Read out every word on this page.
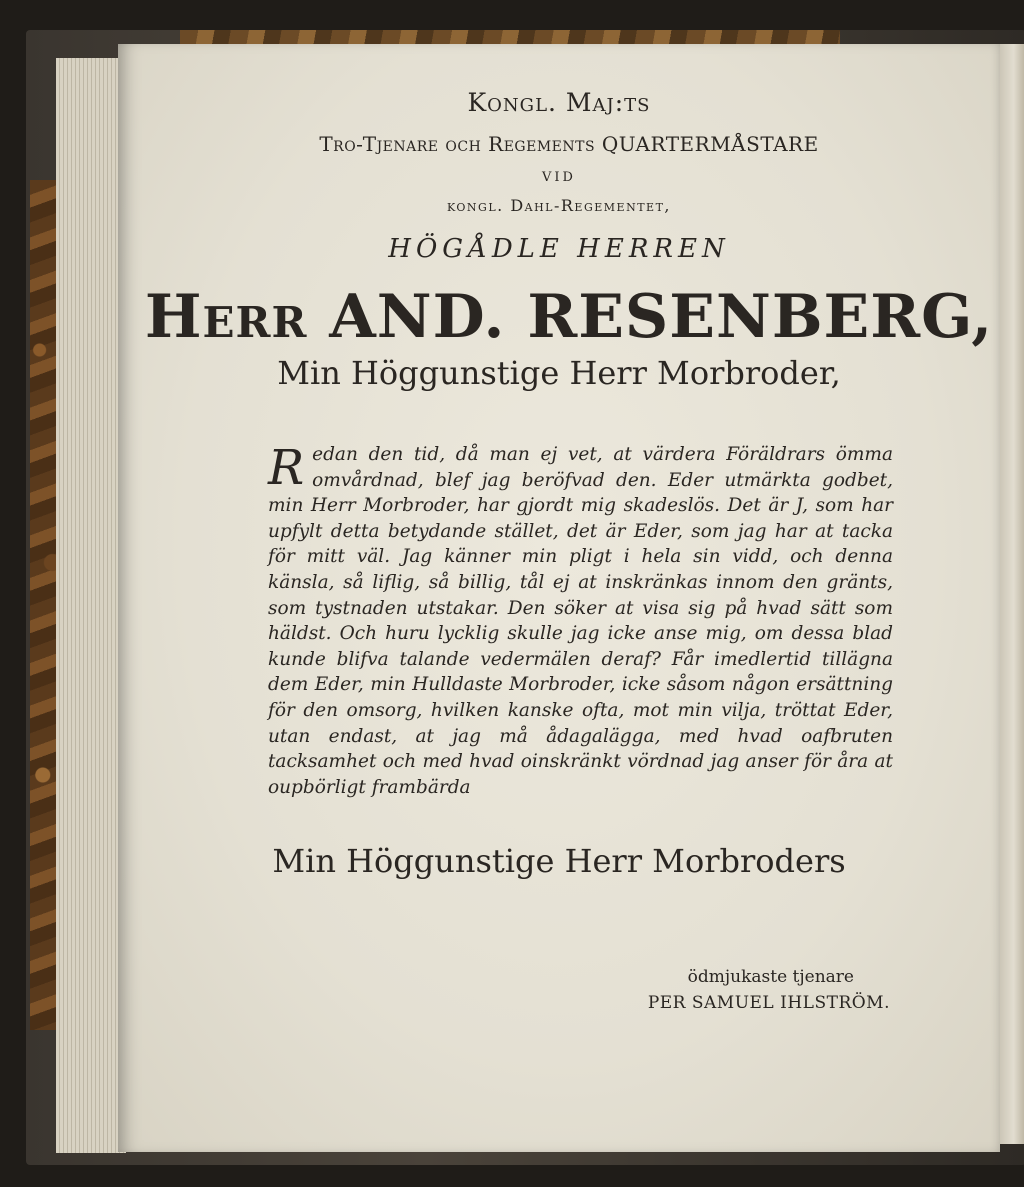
Kongl. Maj:ts
Tro-Tjenare och Regements QUARTERMÅSTARE
VID
kongl. Dahl-Regementet,
HÖGÅDLE HERREN
Herr AND. RESENBERG,
Min Höggunstige Herr Morbroder,
Redan den tid, då man ej vet, at värdera Föräldrars ömma omvårdnad, blef jag beröfvad den. Eder utmärkta godbet, min Herr Morbroder, har gjordt mig skadeslös. Det är J, som har upfylt detta betydande stället, det är Eder, som jag har at tacka för mitt väl. Jag känner min pligt i hela sin vidd, och denna känsla, så liflig, så billig, tål ej at inskränkas innom den gränts, som tystnaden utstakar. Den söker at visa sig på hvad sätt som häldst. Och huru lycklig skulle jag icke anse mig, om dessa blad kunde blifva talande vedermälen deraf? Får imedlertid tillägna dem Eder, min Hulldaste Morbroder, icke såsom någon ersättning för den omsorg, hvilken kanske ofta, mot min vilja, tröttat Eder, utan endast, at jag må ådagalägga, med hvad oafbruten tacksamhet och med hvad oinskränkt vördnad jag anser för åra at oupbörligt frambärda
Min Höggunstige Herr Morbroders
ödmjukaste tjenare
PER SAMUEL IHLSTRÖM.
